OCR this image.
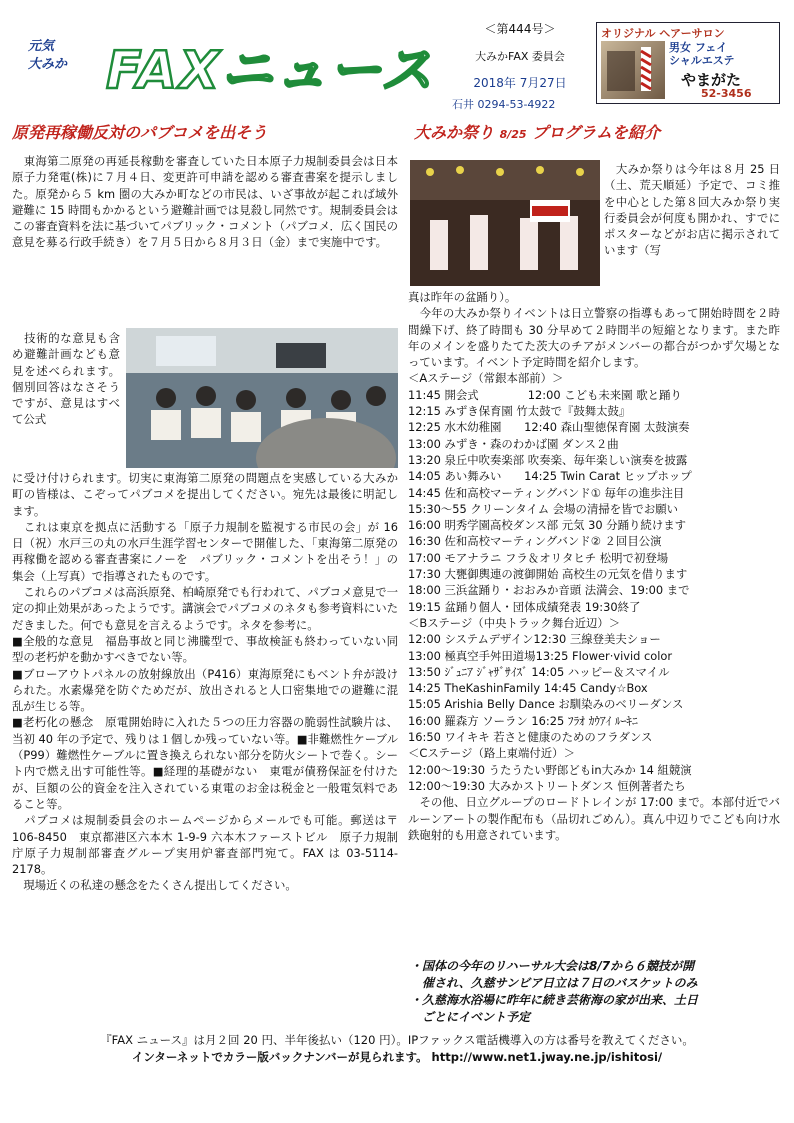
元気
大みか FAXニュース
＜第444号＞
大みかFAX 委員会
2018年 7月27日
石井 0294-53-4922
オリジナル ヘアーサロン
男女 フェイ
シャルエステ
やまがた
52-3456
原発再稼働反対のパブコメを出そう	大みか祭り 8/25 プログラムを紹介

　東海第二原発の再延長稼動を審査していた日本原子力規制委員会は日本原子力発電(株)に７月４日、変更許可申請を認める審査書案を提示しました。原発から５ km 圏の大みか町などの市民は、いざ事故が起これば域外避難に 15 時間もかかるという避難計画では見殺し同然です。規制委員会はこの審査資料を法に基づいてパブリック・コメント（パブコメ．広く国民の意見を募る行政手続き）を７月５日から８月３日（金）まで実施中です。

　技術的な意見も含め避難計画なども意見を述べられます。個別回答はなさそうですが、意見はすべて公式

に受け付けられます。切実に東海第二原発の問題点を実感している大みか町の皆様は、こぞってパブコメを提出してください。宛先は最後に明記します。

　これは東京を拠点に活動する「原子力規制を監視する市民の会」が 16 日（祝）水戸三の丸の水戸生涯学習センターで開催した、「東海第二原発の再稼働を認める審査書案にノーを　パブリック・コメントを出そう！」の集会（上写真）で指導されたものです。

　これらのパブコメは高浜原発、柏崎原発でも行われて、パブコメ意見で一定の抑止効果があったようです。講演会でパブコメのネタも参考資料にいただきました。何でも意見を言えるようです。ネタを参考に。

■全般的な意見　福島事故と同じ沸騰型で、事故検証も終わっていない同型の老朽炉を動かすべきでない等。

■ブローアウトパネルの放射線放出（P416）東海原発にもベント弁が設けられた。水素爆発を防ぐためだが、放出されると人口密集地での避難に混乱が生じる等。

■老朽化の懸念　原電開始時に入れた５つの圧力容器の脆弱性試験片は、当初 40 年の予定で、残りは１個しか残っていない等。■非難燃性ケーブル（P99）難燃性ケーブルに置き換えられない部分を防火シートで巻く。シート内で燃え出す可能性等。■経理的基礎がない　東電が債務保証を付けたが、巨額の公的資金を注入されている東電のお金は税金と一般電気料であること等。

　パブコメは規制委員会のホームページからメールでも可能。郵送は〒 106-8450　東京都港区六本木 1-9-9 六本木ファーストビル　原子力規制庁原子力規制部審査グループ実用炉審査部門宛て。FAX は 03-5114-2178。

　現場近くの私達の懸念をたくさん提出してください。

　大みか祭りは今年は８月 25 日（土、荒天順延）予定で、コミ推を中心とした第８回大みか祭り実行委員会が何度も開かれ、すでにポスターなどがお店に掲示されています（写

真は昨年の盆踊り）。

　今年の大みか祭りイベントは日立警察の指導もあって開始時間を２時間繰下げ、終了時間も 30 分早めて２時間半の短縮となります。また昨年のメインを盛りたてた茨大のチアがメンバーの都合がつかず欠場となっています。イベント予定時間を紹介します。

＜Aステージ（常銀本部前）＞

11:45 開会式　　　　 12:00 こども未来園 歌と踊り

12:15 みずき保育園 竹太鼓で『鼓舞太鼓』

12:25 水木幼稚園　　12:40 森山聖徳保育園 太鼓演奏

13:00 みずき・森のわかば園 ダンス２曲

13:20 泉丘中吹奏楽部 吹奏楽、毎年楽しい演奏を披露

14:05 あい舞みい　　14:25 Twin Carat ヒップホップ

14:45 佐和高校マーティングバンド① 毎年の進歩注目

15:30～55 クリーンタイム 会場の清掃を皆でお願い

16:00 明秀学園高校ダンス部 元気 30 分踊り続けます

16:30 佐和高校マーティングバンド② ２回目公演

17:00 モアナラニ フラ＆オリタヒチ 松明で初登場

17:30 大甕御輿連の渡御開始 高校生の元気を借ります

18:00 三浜盆踊り・おおみか音頭 法満会、19:00 まで

19:15 盆踊り個人・団体成績発表 19:30終了

＜Bステージ（中央トラック舞台近辺）＞

12:00 システムデザイン12:30 三線登美夫ショー

13:00 極真空手舛田道場13:25 Flower·vivid color

13:50 ｼﾞｭﾆｱ ｼﾞｬｻﾞｻｲｽﾞ 14:05 ハッピー＆スマイル

14:25 TheKashinFamily 14:45 Candy☆Box

15:05 Arishia Belly Dance お馴染みのベリーダンス

16:00 羅森方 ソーラン 16:25 ﾌﾗｵ ｶｳｱｲ ﾙｰｷﾆ

16:50 ワイキキ 若さと健康のためのフラダンス

＜Cステージ（路上東端付近）＞

12:00～19:30 うたうたい野郎どもin大みか 14 組競演

12:00～19:30 大みかストリートダンス 恒例著者たち

　その他、日立グループのロードトレインが 17:00 まで。本部付近でバルーンアートの製作配布も（品切れごめん）。真ん中辺りでこども向け水鉄砲射的も用意されています。

・国体の今年のリハーサル大会は8/7から６競技が開

　催され、久慈サンビア日立は７日のバスケットのみ

・久慈海水浴場に昨年に続き芸術海の家が出来、土日

　ごとにイベント予定

『FAX ニュース』は月２回 20 円、半年後払い（120 円）。IPファックス電話機導入の方は番号を教えてください。

インターネットでカラー版バックナンバーが見られます。 http://www.net1.jway.ne.jp/ishitosi/
